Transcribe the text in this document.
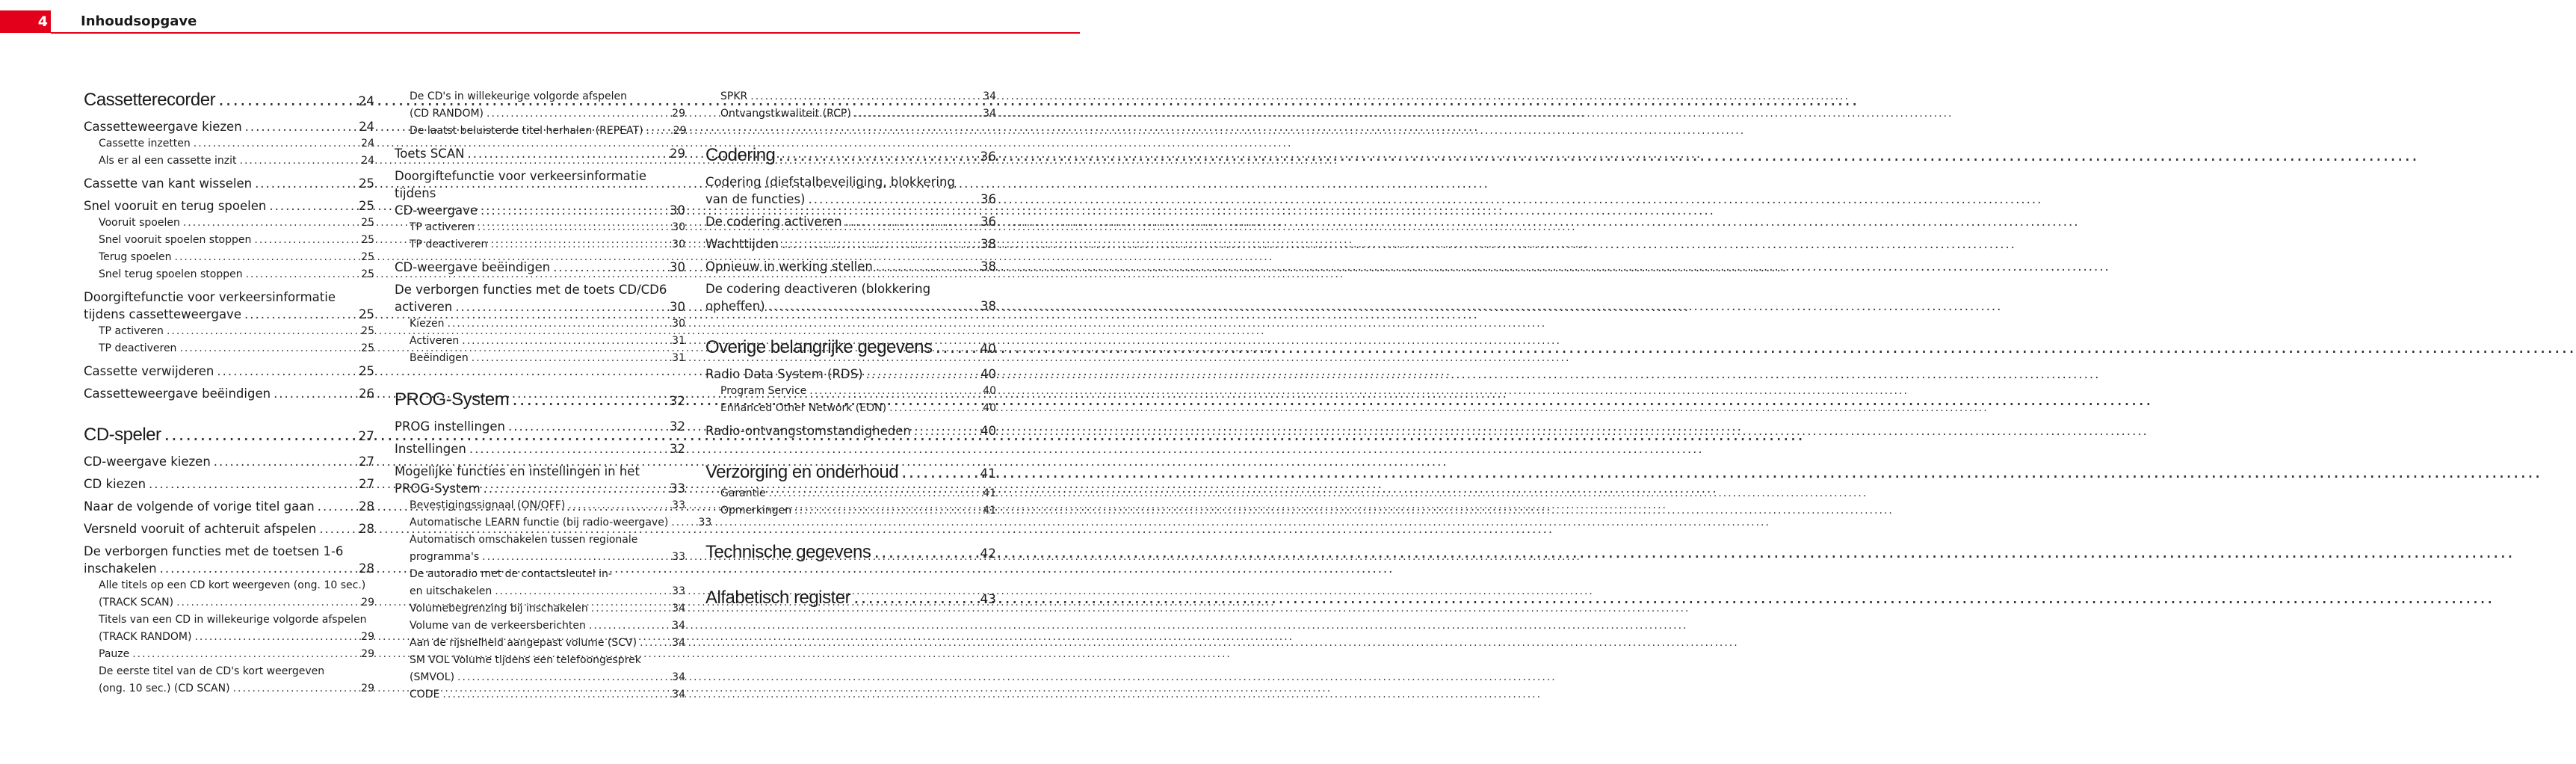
4 Inhoudsopgave
Cassetterecorder .....	24
Cassetteweergave kiezen .....	24
Cassette inzetten .....	24
Als er al een cassette inzit .....	24
Cassette van kant wisselen .....	25
Snel vooruit en terug spoelen .....	25
Vooruit spoelen .....	25
Snel vooruit spoelen stoppen .....	25
Terug spoelen .....	25
Snel terug spoelen stoppen .....	25
Doorgiftefunctie voor verkeersinformatie
tijdens cassetteweergave .....	25
TP activeren .....	25
TP deactiveren .....	25
Cassette verwijderen .....	25
Cassetteweergave beëindigen .....	26
CD-speler .....	27
CD-weergave kiezen .....	27
CD kiezen .....	27
Naar de volgende of vorige titel gaan .....	28
Versneld vooruit of achteruit afspelen .....	28
De verborgen functies met de toetsen 1-6
inschakelen .....	28
Alle titels op een CD kort weergeven (ong. 10 sec.)
(TRACK SCAN) .....	29
Titels van een CD in willekeurige volgorde afspelen
(TRACK RANDOM) .....	29
Pauze .....	29
De eerste titel van de CD's kort weergeven
(ong. 10 sec.) (CD SCAN) .....	29
De CD's in willekeurige volgorde afspelen
(CD RANDOM) .....	29
De laatst beluisterde titel herhalen (REPEAT) .....	29
Toets SCAN .....	29
Doorgiftefunctie voor verkeersinformatie tijdens
CD-weergave .....	30
TP activeren .....	30
TP deactiveren .....	30
CD-weergave beëindigen .....	30
De verborgen functies met de toets CD/CD6
activeren .....	30
Kiezen .....	30
Activeren .....	31
Beëindigen .....	31
PROG-System .....	32
PROG instellingen .....	32
Instellingen .....	32
Mogelijke functies en instellingen in het
PROG-System .....	33
Bevestigingssignaal (ON/OFF) .....	33
Automatische LEARN functie (bij radio-weergave) .....	33
Automatisch omschakelen tussen regionale
programma's .....	33
De autoradio met de contactsleutel in-
en uitschakelen .....	33
Volumebegrenzing bij inschakelen .....	34
Volume van de verkeersberichten .....	34
Aan de rijsnelheid aangepast volume (SCV) .....	34
SM VOL Volume tijdens een telefoongesprek
(SMVOL) .....	34
CODE .....	34
SPKR .....	34
Ontvangstkwaliteit (RCP) .....	34
Codering .....	36
Codering (diefstalbeveiliging, blokkering
van de functies) .....	36
De codering activeren .....	36
Wachttijden .....	38
Opnieuw in werking stellen .....	38
De codering deactiveren (blokkering
opheffen) .....	38
Overige belangrijke gegevens .....	40
Radio Data System (RDS) .....	40
Program Service .....	40
Enhanced Other Network (EON) .....	40
Radio-ontvangstomstandigheden .....	40
Verzorging en onderhoud .....	41
Garantie .....	41
Opmerkingen .....	41
Technische gegevens .....	42
Alfabetisch register .....	43
